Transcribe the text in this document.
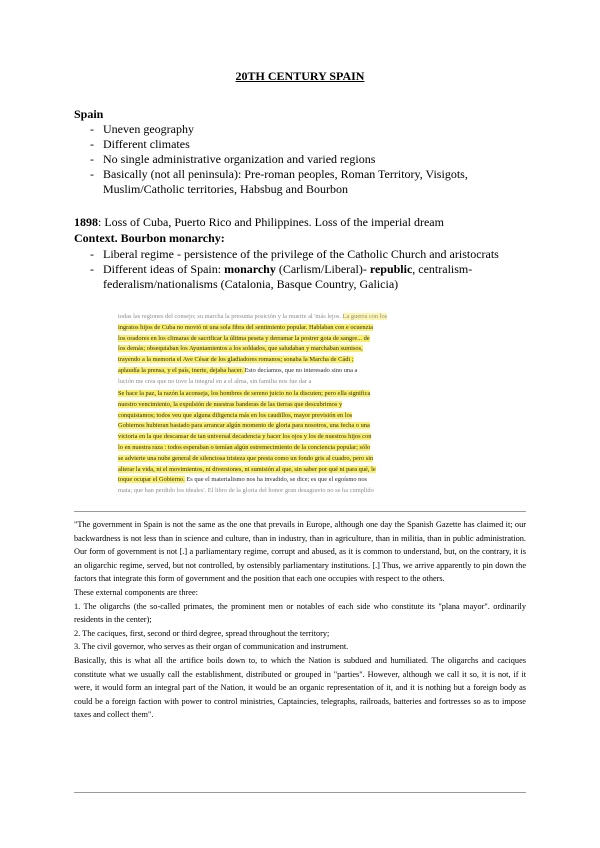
20TH CENTURY SPAIN
Spain
- Uneven geography
- Different climates
- No single administrative organization and varied regions
- Basically (not all peninsula): Pre-roman peoples, Roman Territory, Visigots, Muslim/Catholic territories, Habsbug and Bourbon
1898: Loss of Cuba, Puerto Rico and Philippines. Loss of the imperial dream
Context. Bourbon monarchy:
- Liberal regime - persistence of the privilege of the Catholic Church and aristocrats
- Different ideas of Spain: monarchy (Carlism/Liberal)- republic, centralism-federalism/nationalisms (Catalonia, Basque Country, Galicia)
todas las regiones del consejo; su marcha la presunta posición y la muerte al 'más lejos. La guerra con los
ingratos hijos de Cuba no movió ni una sola fibra del sentimiento popular. Hablaban con e ocuenzia
los oradores en los climaras de sacrificar la última peseta y derramar la postrer gota de sangre... de
los demás; obsequiaban los Ayuntamientos a los soldados, que saludaban y marchaban sumisos,
trayendo a la memoria el Ave César de los gladiadores romanos; sonaba la Marcha de Cádi ;
aplaudía la prensa, y el país, inerte, dejaba hacer. Esto decíamos, que no interesado sino una a
lución me crea que no tuve la integral en a el alma, sin familia nos fue dar a
Se hace la paz, la razón la aconseja, los hombres de sereno juicio no la discuten; pero ella significa
nuestro vencimiento, la expulsión de nuestras banderas de las tierras que descubrimos y
conquistamos; todos veu que alguna diligencia más en los caudillos, mayor previsión en los
Gobiernos hubieran bastado para arrancar algún momento de gloria para nosotros, una fecha o una
victoria en la que descansar de tan universal decadencia y hacer los ojos y los de nuestros hijos con
lo en nuestra raza : todos esperaban o temían algún estremecimiento de la conciencia popular; sólo
se advierte una nube general de silenciosa tristeza que presta como un fondo gris al cuadro, pero sin
alterar la vida, ni el movimientos, ni diversiones, ni sumisión al que, sin saber por qué ni para qué, le
toque ocupar el Gobierno. Es que el materialismo nos ha invadido, se dice; es que el egoísmo nos
mata; que han perdido los ideales'. El libro de la gloria del honor gran desagravio no se ha cumplido

"The government in Spain is not the same as the one that prevails in Europe, although one day the Spanish Gazette has claimed it; our backwardness is not less than in science and culture, than in industry, than in agriculture, than in militia, than in public administration. Our form of government is not [.] a parliamentary regime, corrupt and abused, as it is common to understand, but, on the contrary, it is an oligarchic regime, served, but not controlled, by ostensibly parliamentary institutions. [.] Thus, we arrive apparently to pin down the factors that integrate this form of government and the position that each one occupies with respect to the others.

These external components are three:

1. The oligarchs (the so-called primates, the prominent men or notables of each side who constitute its "plana mayor". ordinarily residents in the center);

2. The caciques, first, second or third degree, spread throughout the territory;

3. The civil governor, who serves as their organ of communication and instrument.

Basically, this is what all the artifice boils down to, to which the Nation is subdued and humiliated. The oligarchs and caciques constitute what we usually call the establishment, distributed or grouped in "parties". However, although we call it so, it is not, if it were, it would form an integral part of the Nation, it would be an organic representation of it, and it is nothing but a foreign body as could be a foreign faction with power to control ministries, Captaincies, telegraphs, railroads, batteries and fortresses so as to impose taxes and collect them".
